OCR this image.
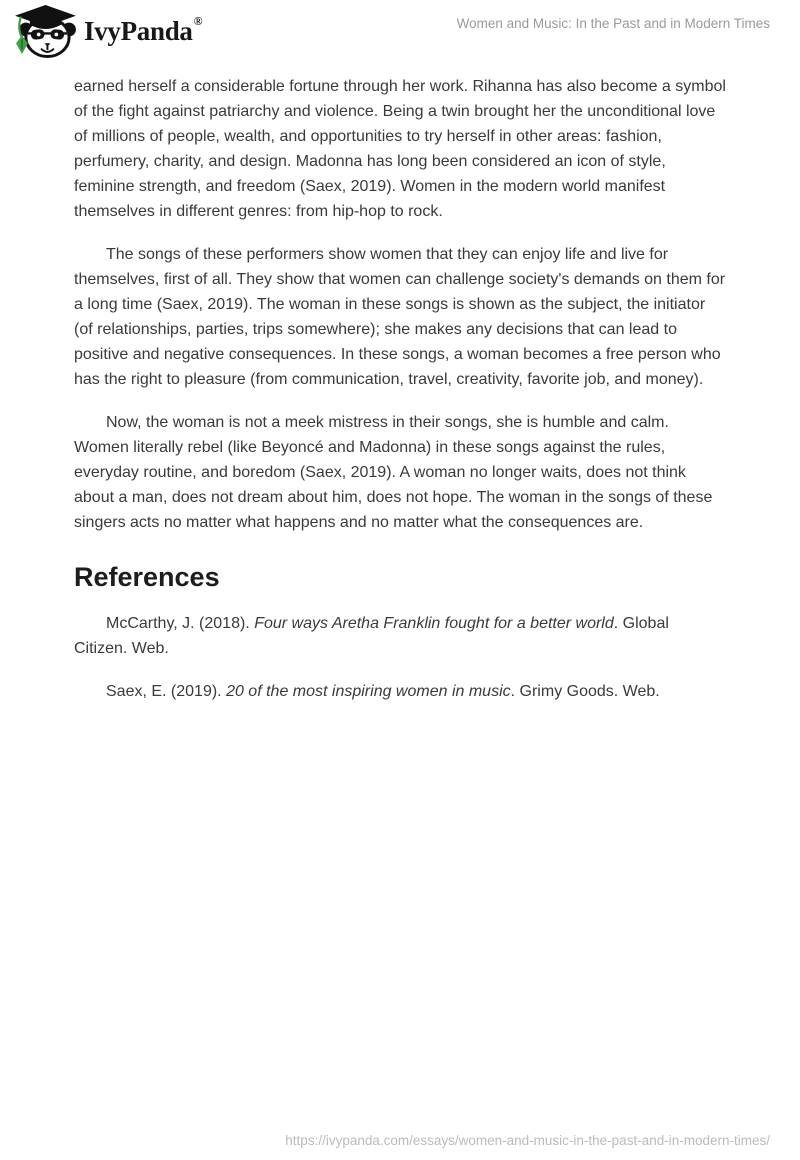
IvyPanda ®	Women and Music: In the Past and in Modern Times

earned herself a considerable fortune through her work. Rihanna has also become a symbol of the fight against patriarchy and violence. Being a twin brought her the unconditional love of millions of people, wealth, and opportunities to try herself in other areas: fashion, perfumery, charity, and design. Madonna has long been considered an icon of style, feminine strength, and freedom (Saex, 2019). Women in the modern world manifest themselves in different genres: from hip-hop to rock.

The songs of these performers show women that they can enjoy life and live for themselves, first of all. They show that women can challenge society's demands on them for a long time (Saex, 2019). The woman in these songs is shown as the subject, the initiator (of relationships, parties, trips somewhere); she makes any decisions that can lead to positive and negative consequences. In these songs, a woman becomes a free person who has the right to pleasure (from communication, travel, creativity, favorite job, and money).

Now, the woman is not a meek mistress in their songs, she is humble and calm. Women literally rebel (like Beyoncé and Madonna) in these songs against the rules, everyday routine, and boredom (Saex, 2019). A woman no longer waits, does not think about a man, does not dream about him, does not hope. The woman in the songs of these singers acts no matter what happens and no matter what the consequences are.

References

McCarthy, J. (2018). Four ways Aretha Franklin fought for a better world. Global Citizen. Web.

Saex, E. (2019). 20 of the most inspiring women in music. Grimy Goods. Web.

https://ivypanda.com/essays/women-and-music-in-the-past-and-in-modern-times/
